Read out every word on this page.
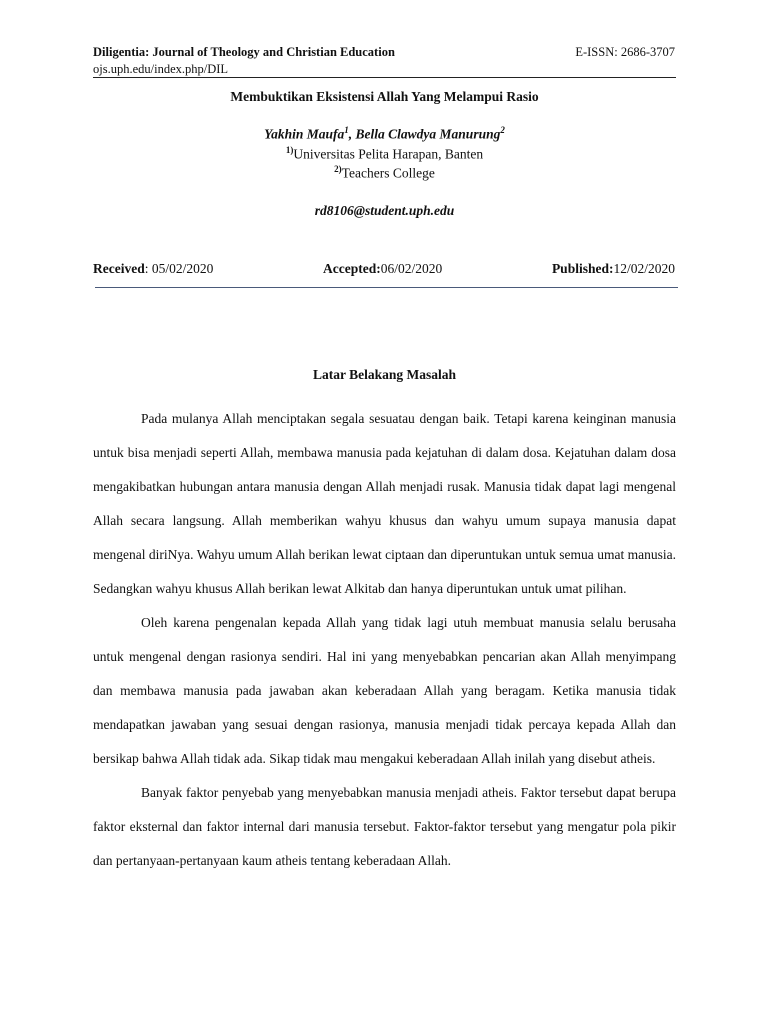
Diligentia: Journal of Theology and Christian Education	E-ISSN: 2686-3707
ojs.uph.edu/index.php/DIL
Membuktikan Eksistensi Allah Yang Melampui Rasio
Yakhin Maufa$^1$, Bella Clawdya Manurung$^2$
$^{1)}$Universitas Pelita Harapan, Banten
$^{2)}$Teachers College
rd8106@student.uph.edu
Received: 05/02/2020	Accepted:06/02/2020	Published:12/02/2020
Latar Belakang Masalah

Pada mulanya Allah menciptakan segala sesuatau dengan baik. Tetapi karena keinginan manusia untuk bisa menjadi seperti Allah, membawa manusia pada kejatuhan di dalam dosa. Kejatuhan dalam dosa mengakibatkan hubungan antara manusia dengan Allah menjadi rusak. Manusia tidak dapat lagi mengenal Allah secara langsung. Allah memberikan wahyu khusus dan wahyu umum supaya manusia dapat mengenal diriNya. Wahyu umum Allah berikan lewat ciptaan dan diperuntukan untuk semua umat manusia. Sedangkan wahyu khusus Allah berikan lewat Alkitab dan hanya diperuntukan untuk umat pilihan.

Oleh karena pengenalan kepada Allah yang tidak lagi utuh membuat manusia selalu berusaha untuk mengenal dengan rasionya sendiri. Hal ini yang menyebabkan pencarian akan Allah menyimpang dan membawa manusia pada jawaban akan keberadaan Allah yang beragam. Ketika manusia tidak mendapatkan jawaban yang sesuai dengan rasionya, manusia menjadi tidak percaya kepada Allah dan bersikap bahwa Allah tidak ada. Sikap tidak mau mengakui keberadaan Allah inilah yang disebut atheis.

Banyak faktor penyebab yang menyebabkan manusia menjadi atheis. Faktor tersebut dapat berupa faktor eksternal dan faktor internal dari manusia tersebut. Faktor-faktor tersebut yang mengatur pola pikir dan pertanyaan-pertanyaan kaum atheis tentang keberadaan Allah.
